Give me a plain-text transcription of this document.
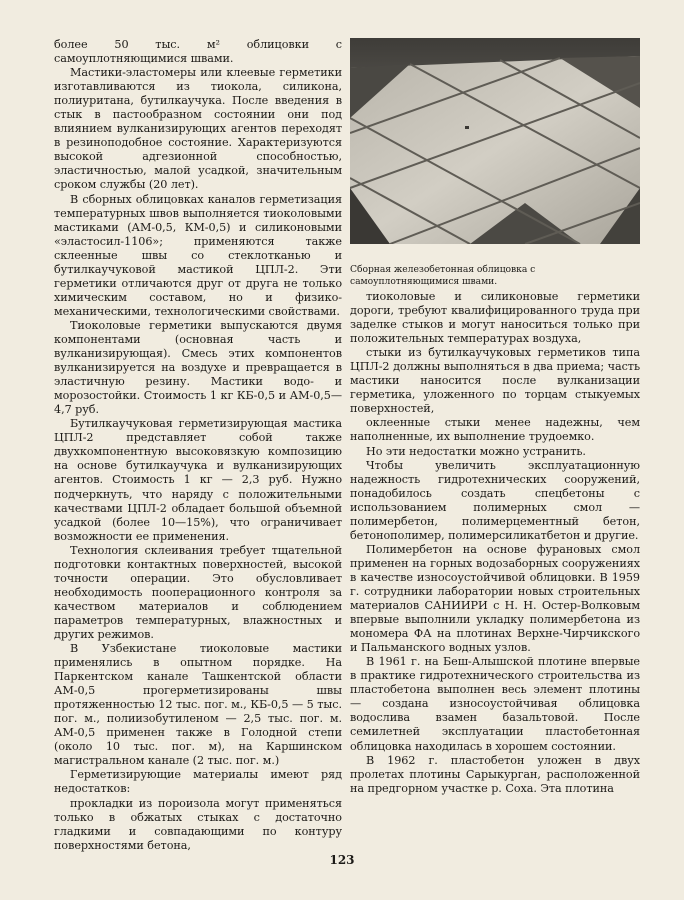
более 50 тыс. м² облицовки с самоуплотняющимися швами.

Мастики-эластомеры или клеевые герметики изготавливаются из тиокола, силикона, полиуритана, бутилкаучука. После введения в стык в пастообразном состоянии они под влиянием вулканизирующих агентов переходят в резиноподобное состояние. Характеризуются высокой адгезионной способностью, эластичностью, малой усадкой, значительным сроком службы (20 лет).

В сборных облицовках каналов герметизация температурных швов выполняется тиоколовыми мастиками (АМ-0,5, КМ-0,5) и силиконовыми «эластосил-1106»; применяются также склеенные швы со стеклотканью и бутилкаучуковой мастикой ЦПЛ-2. Эти герметики отличаются друг от друга не только химическим составом, но и физико-механическими, технологическими свойствами.

Тиоколовые герметики выпускаются двумя компонентами (основная часть и вулканизирующая). Смесь этих компонентов вулканизируется на воздухе и превращается в эластичную резину. Мастики водо- и морозостойки. Стоимость 1 кг КБ-0,5 и АМ-0,5— 4,7 руб.

Бутилкаучуковая герметизирующая мастика ЦПЛ-2 представляет собой также двухкомпонентную высоковязкую композицию на основе бутилкаучука и вулканизирующих агентов. Стоимость 1 кг — 2,3 руб. Нужно подчеркнуть, что наряду с положительными качествами ЦПЛ-2 обладает большой объемной усадкой (более 10—15%), что ограничивает возможности ее применения.

Технология склеивания требует тщательной подготовки контактных поверхностей, высокой точности операции. Это обусловливает необходимость пооперационного контроля за качеством материалов и соблюдением параметров температурных, влажностных и других режимов.

В Узбекистане тиоколовые мастики применялись в опытном порядке. На Паркентском канале Ташкентской области АМ-0,5 прогерметизированы швы протяженностью 12 тыс. пог. м., КБ-0,5 — 5 тыс. пог. м., полиизобутиленом — 2,5 тыс. пог. м. АМ-0,5 применен также в Голодной степи (около 10 тыс. пог. м), на Каршинском магистральном канале (2 тыс. пог. м.)

Герметизирующие материалы имеют ряд недостатков:

прокладки из пороизола могут применяться только в обжатых стыках с достаточно гладкими и совпадающими по контуру поверхностями бетона,

Сборная железобетонная облицовка с самоуплотняющимися швами.

тиоколовые и силиконовые герметики дороги, требуют квалифицированного труда при заделке стыков и могут наноситься только при положительных температурах воздуха,

стыки из бутилкаучуковых герметиков типа ЦПЛ-2 должны выполняться в два приема; часть мастики наносится после вулканизации герметика, уложенного по торцам стыкуемых поверхностей,

оклеенные стыки менее надежны, чем наполненные, их выполнение трудоемко.

Но эти недостатки можно устранить.

Чтобы увеличить эксплуатационную надежность гидротехнических сооружений, понадобилось создать спецбетоны с использованием полимерных смол — полимербетон, полимерцементный бетон, бетонополимер, полимерсиликатбетон и другие.

Полимербетон на основе фурановых смол применен на горных водозаборных сооружениях в качестве износоустойчивой облицовки. В 1959 г. сотрудники лаборатории новых строительных материалов САНИИРИ с Н. Н. Остер-Волковым впервые выполнили укладку полимербетона из мономера ФА на плотинах Верхне-Чирчикского и Пальманского водных узлов.

В 1961 г. на Беш-Алышской плотине впервые в практике гидротехнического строительства из пластобетона выполнен весь элемент плотины — создана износоустойчивая облицовка водослива взамен базальтовой. После семилетней эксплуатации пластобетонная облицовка находилась в хорошем состоянии.

В 1962 г. пластобетон уложен в двух пролетах плотины Сарыкурган, расположенной на предгорном участке р. Соха. Эта плотина

123
